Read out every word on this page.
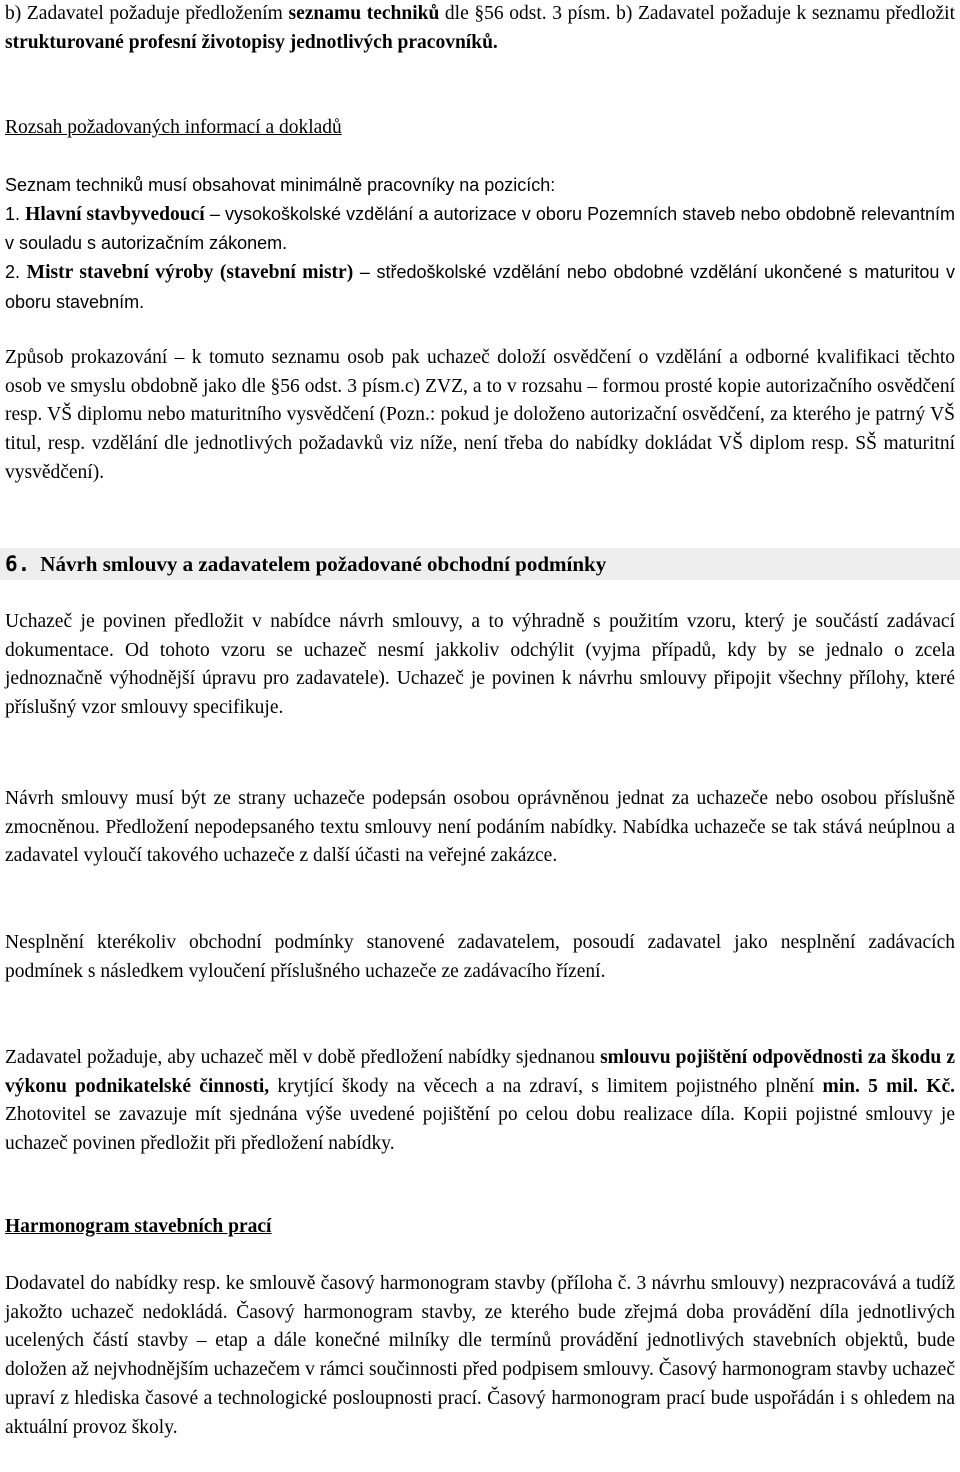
b) Zadavatel požaduje předložením seznamu techniků dle §56 odst. 3 písm. b) Zadavatel požaduje k seznamu předložit strukturované profesní životopisy jednotlivých pracovníků.

Rozsah požadovaných informací a dokladů

Seznam techniků musí obsahovat minimálně pracovníky na pozicích:
1. Hlavní stavbyvedoucí – vysokoškolské vzdělání a autorizace v oboru Pozemních staveb nebo obdobně relevantním v souladu s autorizačním zákonem.
2. Mistr stavební výroby (stavební mistr) – středoškolské vzdělání nebo obdobné vzdělání ukončené s maturitou v oboru stavebním.

Způsob prokazování – k tomuto seznamu osob pak uchazeč doloží osvědčení o vzdělání a odborné kvalifikaci těchto osob ve smyslu obdobně jako dle §56 odst. 3 písm.c) ZVZ, a to v rozsahu – formou prosté kopie autorizačního osvědčení resp. VŠ diplomu nebo maturitního vysvědčení (Pozn.: pokud je doloženo autorizační osvědčení, za kterého je patrný VŠ titul, resp. vzdělání dle jednotlivých požadavků viz níže, není třeba do nabídky dokládat VŠ diplom resp. SŠ maturitní vysvědčení).

6. Návrh smlouvy a zadavatelem požadované obchodní podmínky

Uchazeč je povinen předložit v nabídce návrh smlouvy, a to výhradně s použitím vzoru, který je součástí zadávací dokumentace. Od tohoto vzoru se uchazeč nesmí jakkoliv odchýlit (vyjma případů, kdy by se jednalo o zcela jednoznačně výhodnější úpravu pro zadavatele). Uchazeč je povinen k návrhu smlouvy připojit všechny přílohy, které příslušný vzor smlouvy specifikuje.

Návrh smlouvy musí být ze strany uchazeče podepsán osobou oprávněnou jednat za uchazeče nebo osobou příslušně zmocněnou. Předložení nepodepsaného textu smlouvy není podáním nabídky. Nabídka uchazeče se tak stává neúplnou a zadavatel vyloučí takového uchazeče z další účasti na veřejné zakázce.

Nesplnění kterékoliv obchodní podmínky stanovené zadavatelem, posoudí zadavatel jako nesplnění zadávacích podmínek s následkem vyloučení příslušného uchazeče ze zadávacího řízení.

Zadavatel požaduje, aby uchazeč měl v době předložení nabídky sjednanou smlouvu pojištění odpovědnosti za škodu z výkonu podnikatelské činnosti, krytjící škody na věcech a na zdraví, s limitem pojistného plnění min. 5 mil. Kč. Zhotovitel se zavazuje mít sjednána výše uvedené pojištění po celou dobu realizace díla. Kopii pojistné smlouvy je uchazeč povinen předložit při předložení nabídky.

Harmonogram stavebních prací

Dodavatel do nabídky resp. ke smlouvě časový harmonogram stavby (příloha č. 3 návrhu smlouvy) nezpracovává a tudíž jakožto uchazeč nedokládá. Časový harmonogram stavby, ze kterého bude zřejmá doba provádění díla jednotlivých ucelených částí stavby – etap a dále konečné milníky dle termínů provádění jednotlivých stavebních objektů, bude doložen až nejvhodnějším uchazečem v rámci součinnosti před podpisem smlouvy. Časový harmonogram stavby uchazeč upraví z hlediska časové a technologické posloupnosti prací. Časový harmonogram prací bude uspořádán i s ohledem na aktuální provoz školy.
